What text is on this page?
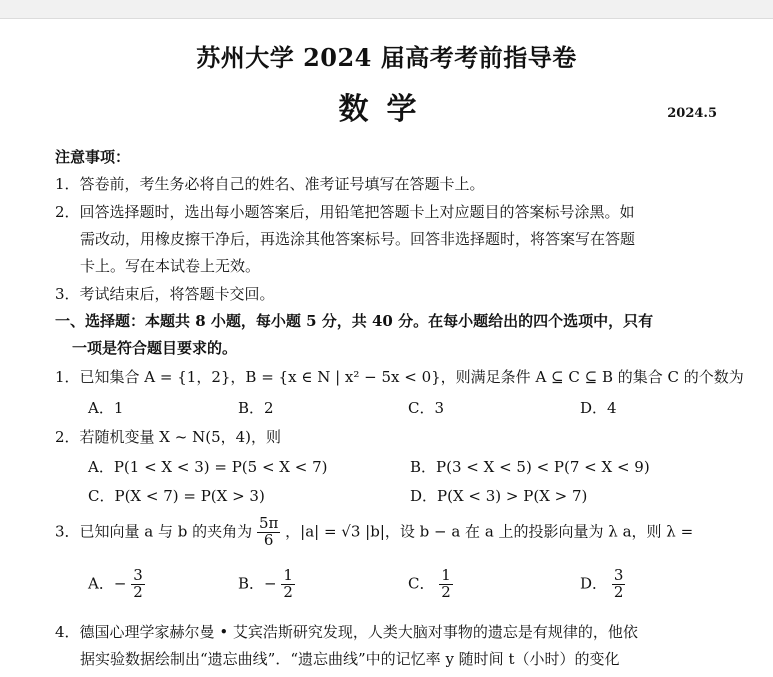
苏州大学 2024 届高考考前指导卷
数学	2024.5
注意事项：
1．答卷前，考生务必将自己的姓名、准考证号填写在答题卡上。
2．回答选择题时，选出每小题答案后，用铅笔把答题卡上对应题目的答案标号涂黑。如
需改动，用橡皮擦干净后，再选涂其他答案标号。回答非选择题时，将答案写在答题
卡上。写在本试卷上无效。
3．考试结束后，将答题卡交回。
一、选择题：本题共 8 小题，每小题 5 分，共 40 分。在每小题给出的四个选项中，只有
一项是符合题目要求的。
1．已知集合 A = {1，2}，B = {x ∈ N | x² − 5x < 0}，则满足条件 A ⊆ C ⊆ B 的集合 C 的个数为
A．1	B．2	C．3	D．4
2．若随机变量 X ~ N(5，4)，则
A．P(1 < X < 3) = P(5 < X < 7)	B．P(3 < X < 5) < P(7 < X < 9)
C．P(X < 7) = P(X > 3)	D．P(X < 3) > P(X > 7)
3．已知向量 a 与 b 的夹角为 $\frac{5\pi}{6}$ ，|a| = √3 |b|，设 b − a 在 a 上的投影向量为 λ a，则 λ =
A．− $\frac{3}{2}$	B．− $\frac{1}{2}$	C． $\frac{1}{2}$	D． $\frac{3}{2}$
4．德国心理学家赫尔曼 • 艾宾浩斯研究发现，人类大脑对事物的遗忘是有规律的，他依
据实验数据绘制出“遗忘曲线”．“遗忘曲线”中的记忆率 y 随时间 t（小时）的变化
